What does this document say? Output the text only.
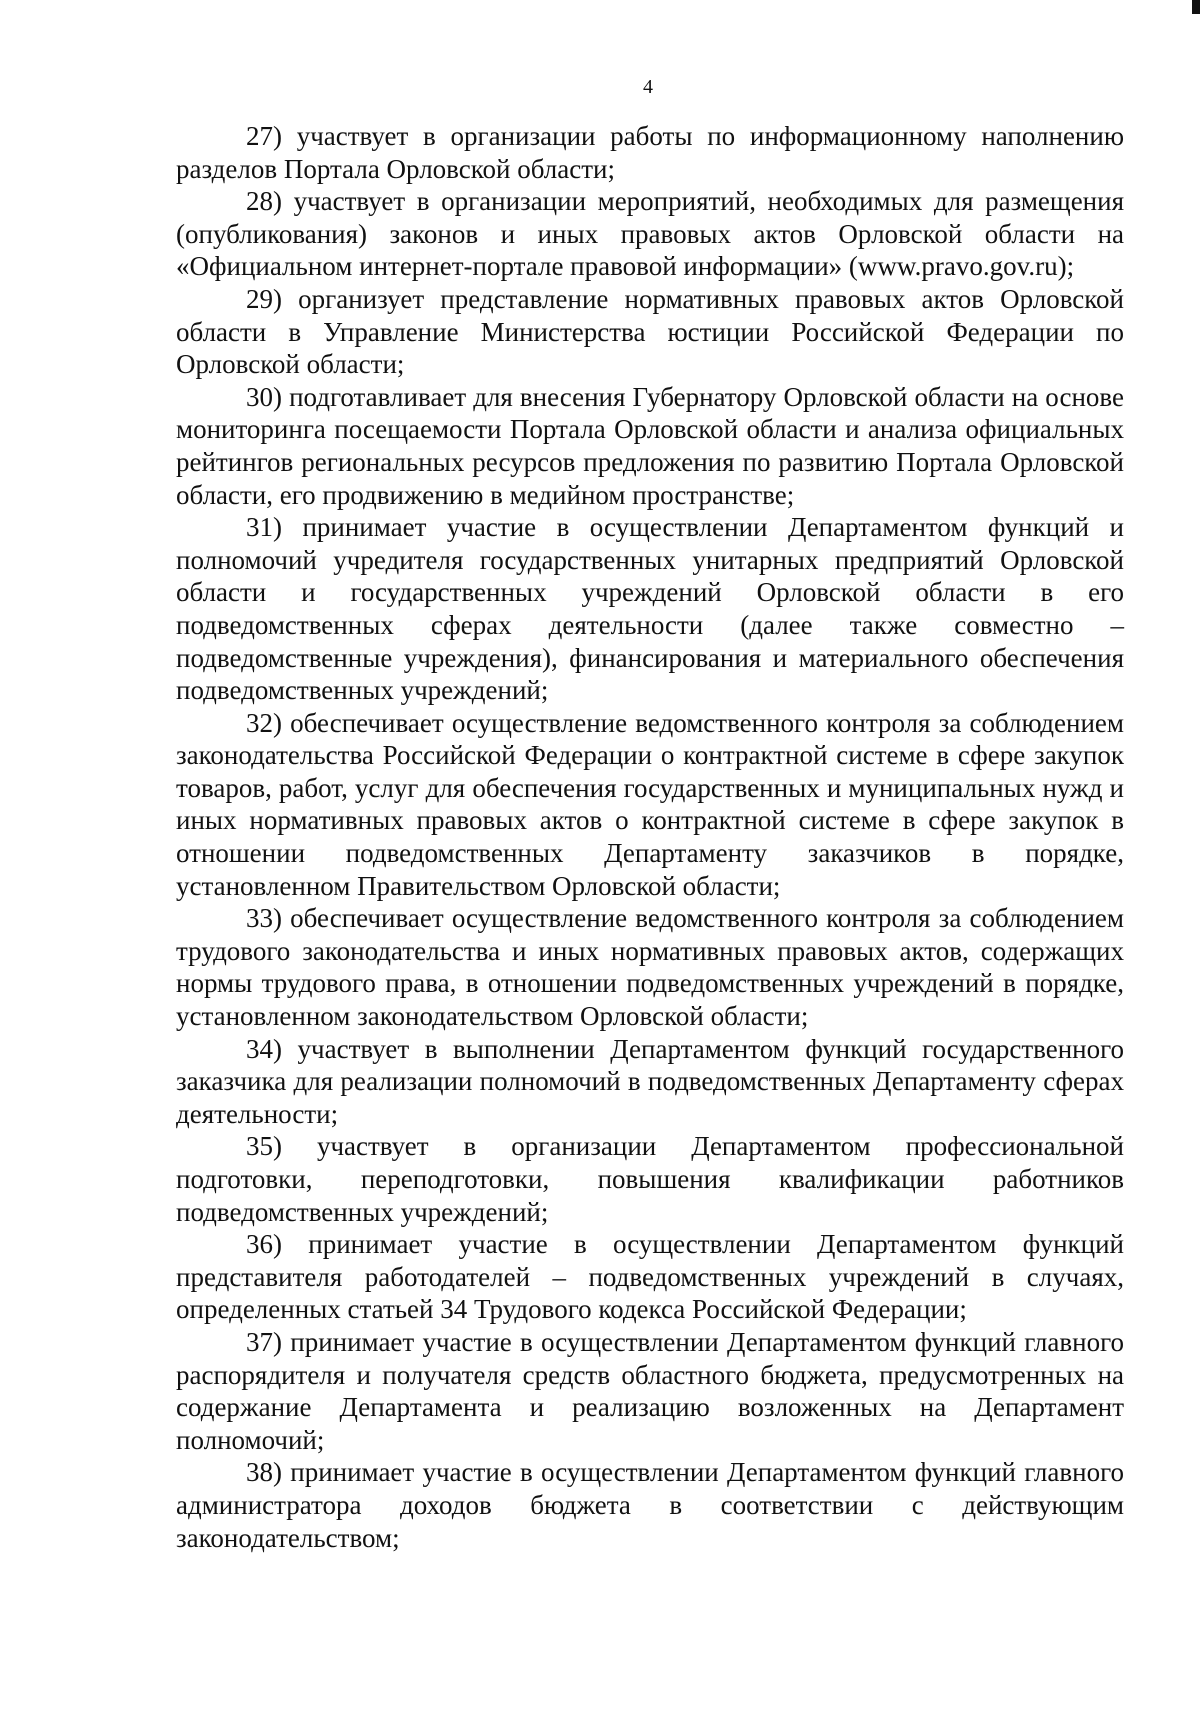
4

27) участвует в организации работы по информационному наполнению разделов Портала Орловской области;

28) участвует в организации мероприятий, необходимых для размещения (опубликования) законов и иных правовых актов Орловской области на «Официальном интернет-портале правовой информации» (www.pravo.gov.ru);

29) организует представление нормативных правовых актов Орловской области в Управление Министерства юстиции Российской Федерации по Орловской области;

30) подготавливает для внесения Губернатору Орловской области на основе мониторинга посещаемости Портала Орловской области и анализа официальных рейтингов региональных ресурсов предложения по развитию Портала Орловской области, его продвижению в медийном пространстве;

31) принимает участие в осуществлении Департаментом функций и полномочий учредителя государственных унитарных предприятий Орловской области и государственных учреждений Орловской области в его подведомственных сферах деятельности (далее также совместно – подведомственные учреждения), финансирования и материального обеспечения подведомственных учреждений;

32) обеспечивает осуществление ведомственного контроля за соблюдением законодательства Российской Федерации о контрактной системе в сфере закупок товаров, работ, услуг для обеспечения государственных и муниципальных нужд и иных нормативных правовых актов о контрактной системе в сфере закупок в отношении подведомственных Департаменту заказчиков в порядке, установленном Правительством Орловской области;

33) обеспечивает осуществление ведомственного контроля за соблюдением трудового законодательства и иных нормативных правовых актов, содержащих нормы трудового права, в отношении подведомственных учреждений в порядке, установленном законодательством Орловской области;

34) участвует в выполнении Департаментом функций государственного заказчика для реализации полномочий в подведомственных Департаменту сферах деятельности;

35) участвует в организации Департаментом профессиональной подготовки, переподготовки, повышения квалификации работников подведомственных учреждений;

36) принимает участие в осуществлении Департаментом функций представителя работодателей – подведомственных учреждений в случаях, определенных статьей 34 Трудового кодекса Российской Федерации;

37) принимает участие в осуществлении Департаментом функций главного распорядителя и получателя средств областного бюджета, предусмотренных на содержание Департамента и реализацию возложенных на Департамент полномочий;

38) принимает участие в осуществлении Департаментом функций главного администратора доходов бюджета в соответствии с действующим законодательством;
